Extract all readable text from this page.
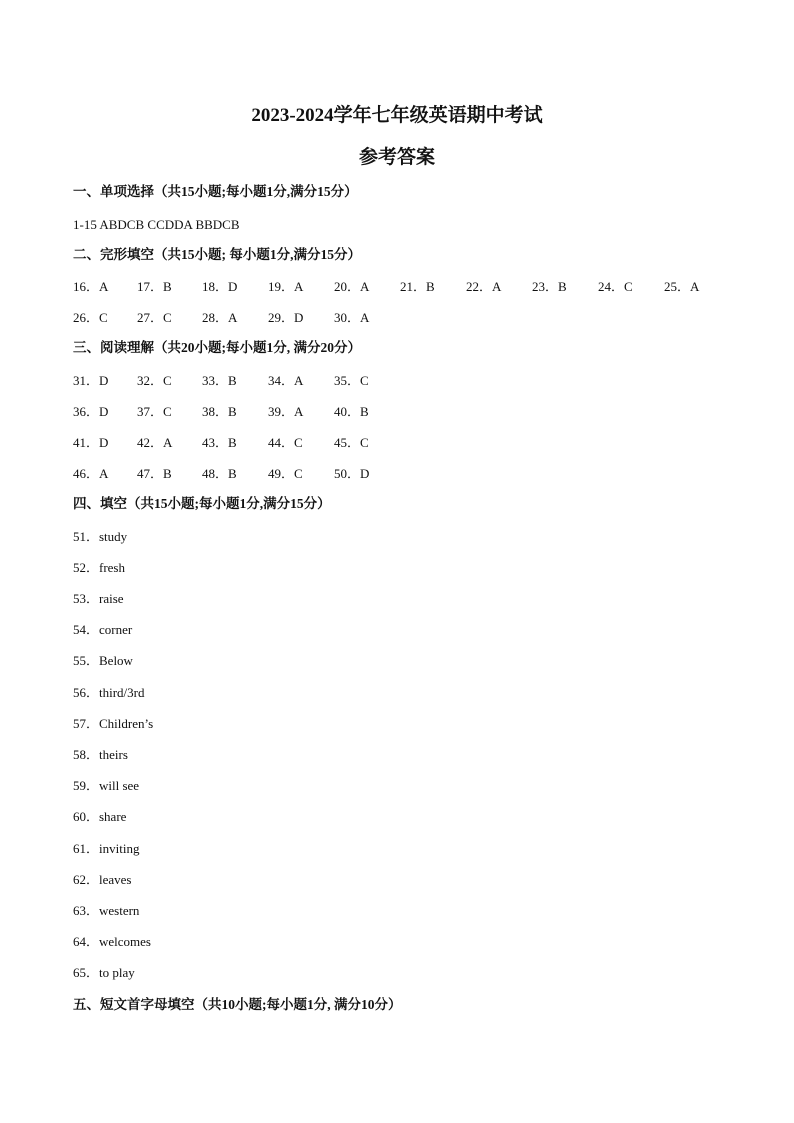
2023-2024学年七年级英语期中考试
参考答案
一、单项选择（共15小题;每小题1分,满分15分）
1-15 ABDCB CCDDA BBDCB
二、完形填空（共15小题; 每小题1分,满分15分）
16．A 17．B 18．D 19．A 20．A 21．B 22．A 23．B 24．C 25．A
26．C 27．C 28．A 29．D 30．A
三、阅读理解（共20小题;每小题1分, 满分20分）
31．D 32．C 33．B 34．A 35．C
36．D 37．C 38．B 39．A 40．B
41．D 42．A 43．B 44．C 45．C
46．A 47．B 48．B 49．C 50．D
四、填空（共15小题;每小题1分,满分15分）
51．study
52．fresh
53．raise
54．corner
55．Below
56．third/3rd
57．Children’s
58．theirs
59．will see
60．share
61．inviting
62．leaves
63．western
64．welcomes
65．to play
五、短文首字母填空（共10小题;每小题1分, 满分10分）
